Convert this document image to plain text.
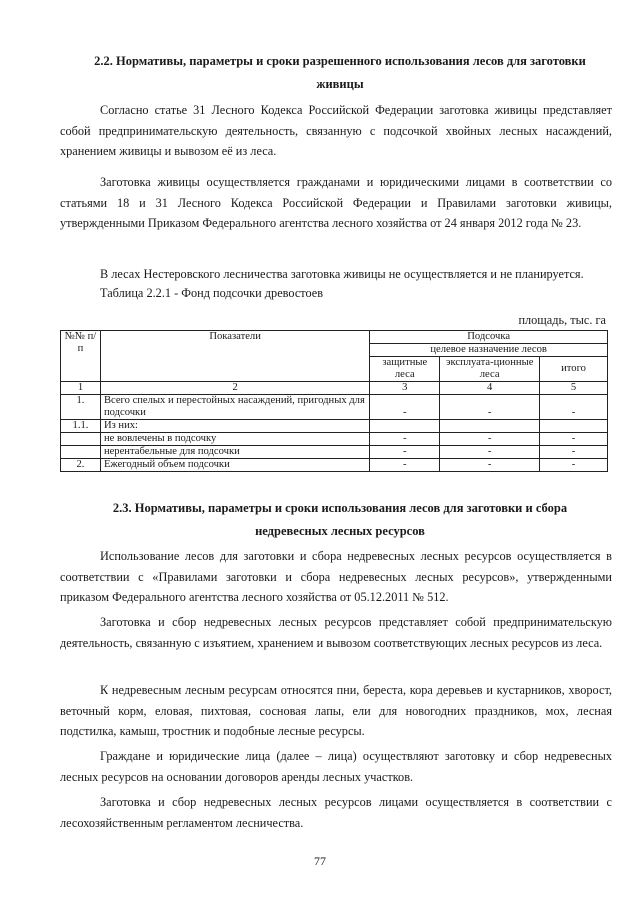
2.2. Нормативы, параметры и сроки разрешенного использования лесов для заготовки
живицы
Согласно статье 31 Лесного Кодекса Российской Федерации заготовка живицы представляет собой предпринимательскую деятельность, связанную с подсочкой хвойных лесных насаждений, хранением живицы и вывозом её из леса.
Заготовка живицы осуществляется гражданами и юридическими лицами в соответствии со статьями 18 и 31 Лесного Кодекса Российской Федерации и Правилами заготовки живицы, утвержденными Приказом Федерального агентства лесного хозяйства от 24 января 2012 года № 23.
В лесах Нестеровского лесничества заготовка живицы не осуществляется и не планируется.
Таблица 2.2.1 - Фонд подсочки древостоев
площадь, тыс. га
№№ п/п	Показатели	Подсочка		
		целевое назначение лесов		
		защитные леса	эксплуата-ционные леса	итого
1	2	3	4	5
1.	Всего спелых и перестойных насаждений, пригодных для подсочки	-	-	-
1.1.	Из них:			
	не вовлечены в подсочку	-	-	-
	нерентабельные для подсочки	-	-	-
2.	Ежегодный объем подсочки	-	-	-
2.3. Нормативы, параметры и сроки использования лесов для заготовки и сбора
недревесных лесных ресурсов
Использование лесов для заготовки и сбора недревесных лесных ресурсов осуществляется в соответствии с «Правилами заготовки и сбора недревесных лесных ресурсов», утвержденными приказом Федерального агентства лесного хозяйства от 05.12.2011 № 512.
Заготовка и сбор недревесных лесных ресурсов представляет собой предпринимательскую деятельность, связанную с изъятием, хранением и вывозом соответствующих лесных ресурсов из леса.
К недревесным лесным ресурсам относятся пни, береста, кора деревьев и кустарников, хворост, веточный корм, еловая, пихтовая, сосновая лапы, ели для новогодних праздников, мох, лесная подстилка, камыш, тростник и подобные лесные ресурсы.
Граждане и юридические лица (далее – лица) осуществляют заготовку и сбор недревесных лесных ресурсов на основании договоров аренды лесных участков.
Заготовка и сбор недревесных лесных ресурсов лицами осуществляется в соответствии с лесохозяйственным регламентом лесничества.
77
